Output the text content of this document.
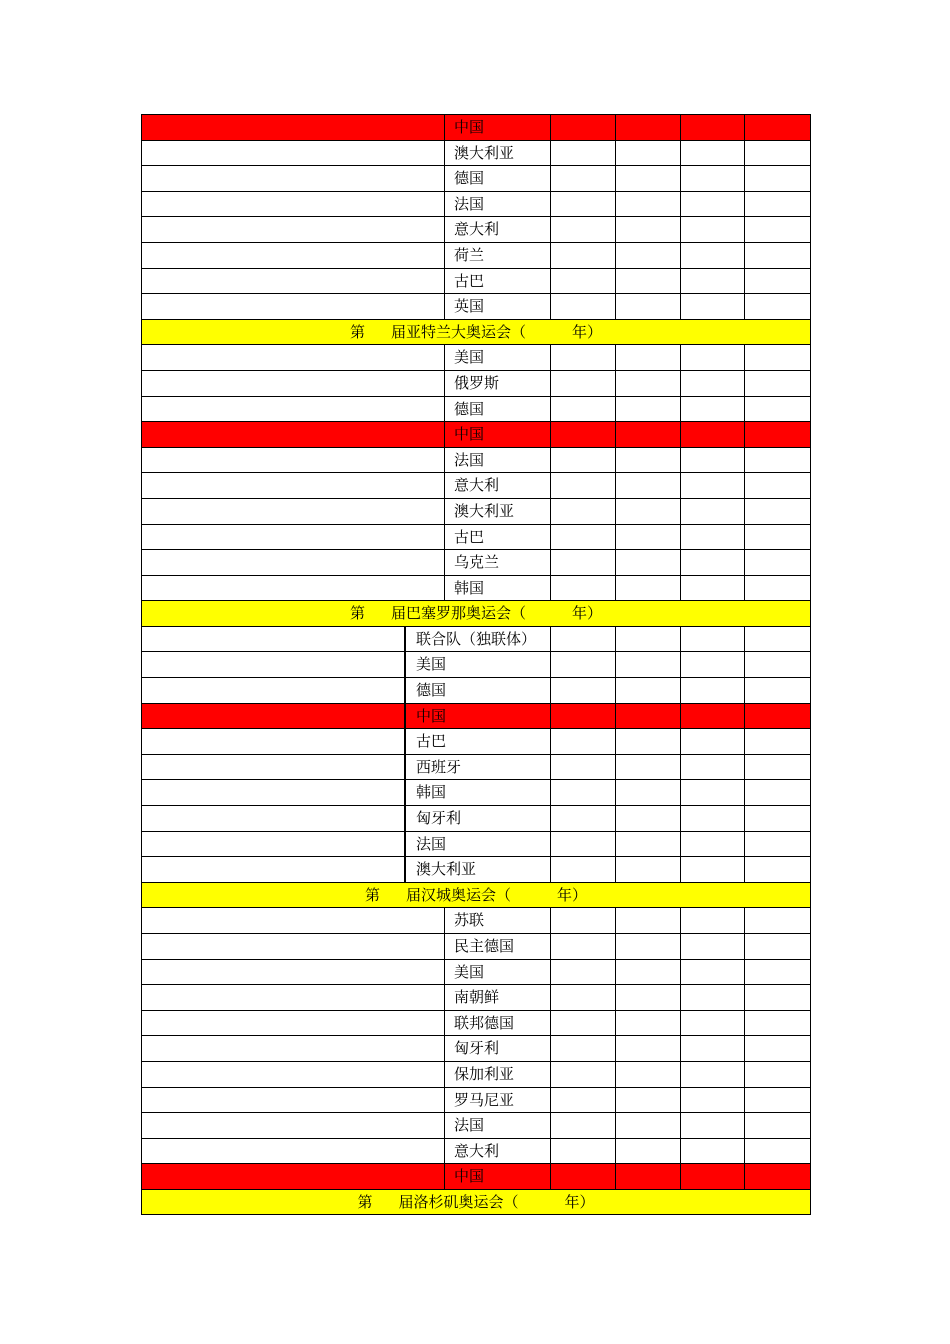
中国
澳大利亚
德国
法国
意大利
荷兰
古巴
英国
第 届亚特兰大奥运会（	年）
美国
俄罗斯
德国
中国
法国
意大利
澳大利亚
古巴
乌克兰
韩国
第 届巴塞罗那奥运会（	年）
联合队（独联体）
美国
德国
中国
古巴
西班牙
韩国
匈牙利
法国
澳大利亚
第 届汉城奥运会（	年）
苏联
民主德国
美国
南朝鲜
联邦德国
匈牙利
保加利亚
罗马尼亚
法国
意大利
中国
第 届洛杉矶奥运会（	年）
